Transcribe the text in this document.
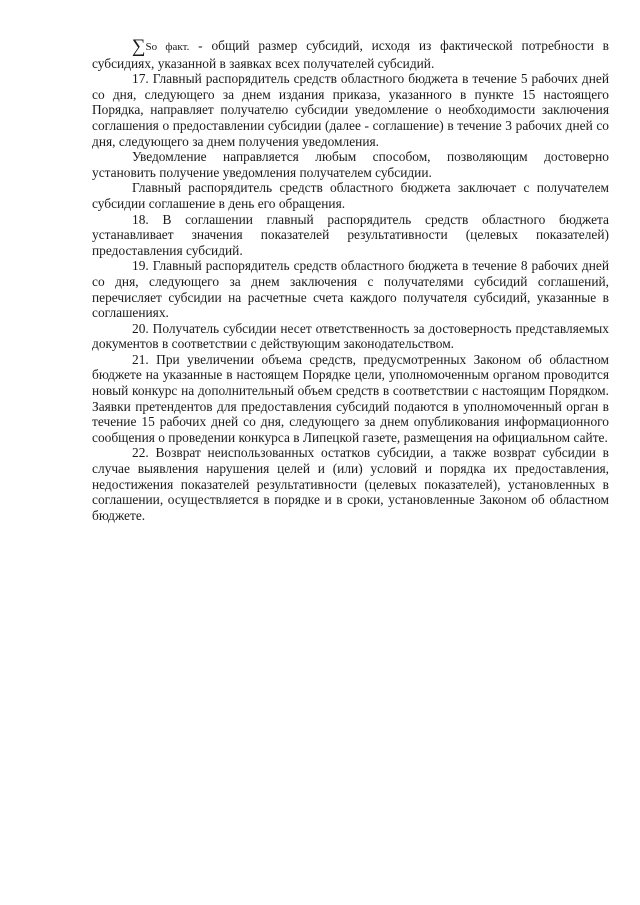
∑So факт. - общий размер субсидий, исходя из фактической потребности в субсидиях, указанной в заявках всех получателей субсидий.

17. Главный распорядитель средств областного бюджета в течение 5 рабочих дней со дня, следующего за днем издания приказа, указанного в пункте 15 настоящего Порядка, направляет получателю субсидии уведомление о необходимости заключения соглашения о предоставлении субсидии (далее - соглашение) в течение 3 рабочих дней со дня, следующего за днем получения уведомления.

Уведомление направляется любым способом, позволяющим достоверно установить получение уведомления получателем субсидии.

Главный распорядитель средств областного бюджета заключает с получателем субсидии соглашение в день его обращения.

18. В соглашении главный распорядитель средств областного бюджета устанавливает значения показателей результативности (целевых показателей) предоставления субсидий.

19. Главный распорядитель средств областного бюджета в течение 8 рабочих дней со дня, следующего за днем заключения с получателями субсидий соглашений, перечисляет субсидии на расчетные счета каждого получателя субсидий, указанные в соглашениях.

20. Получатель субсидии несет ответственность за достоверность представляемых документов в соответствии с действующим законодательством.

21. При увеличении объема средств, предусмотренных Законом об областном бюджете на указанные в настоящем Порядке цели, уполномоченным органом проводится новый конкурс на дополнительный объем средств в соответствии с настоящим Порядком. Заявки претендентов для предоставления субсидий подаются в уполномоченный орган в течение 15 рабочих дней со дня, следующего за днем опубликования информационного сообщения о проведении конкурса в Липецкой газете, размещения на официальном сайте.

22. Возврат неиспользованных остатков субсидии, а также возврат субсидии в случае выявления нарушения целей и (или) условий и порядка их предоставления, недостижения показателей результативности (целевых показателей), установленных в соглашении, осуществляется в порядке и в сроки, установленные Законом об областном бюджете.
